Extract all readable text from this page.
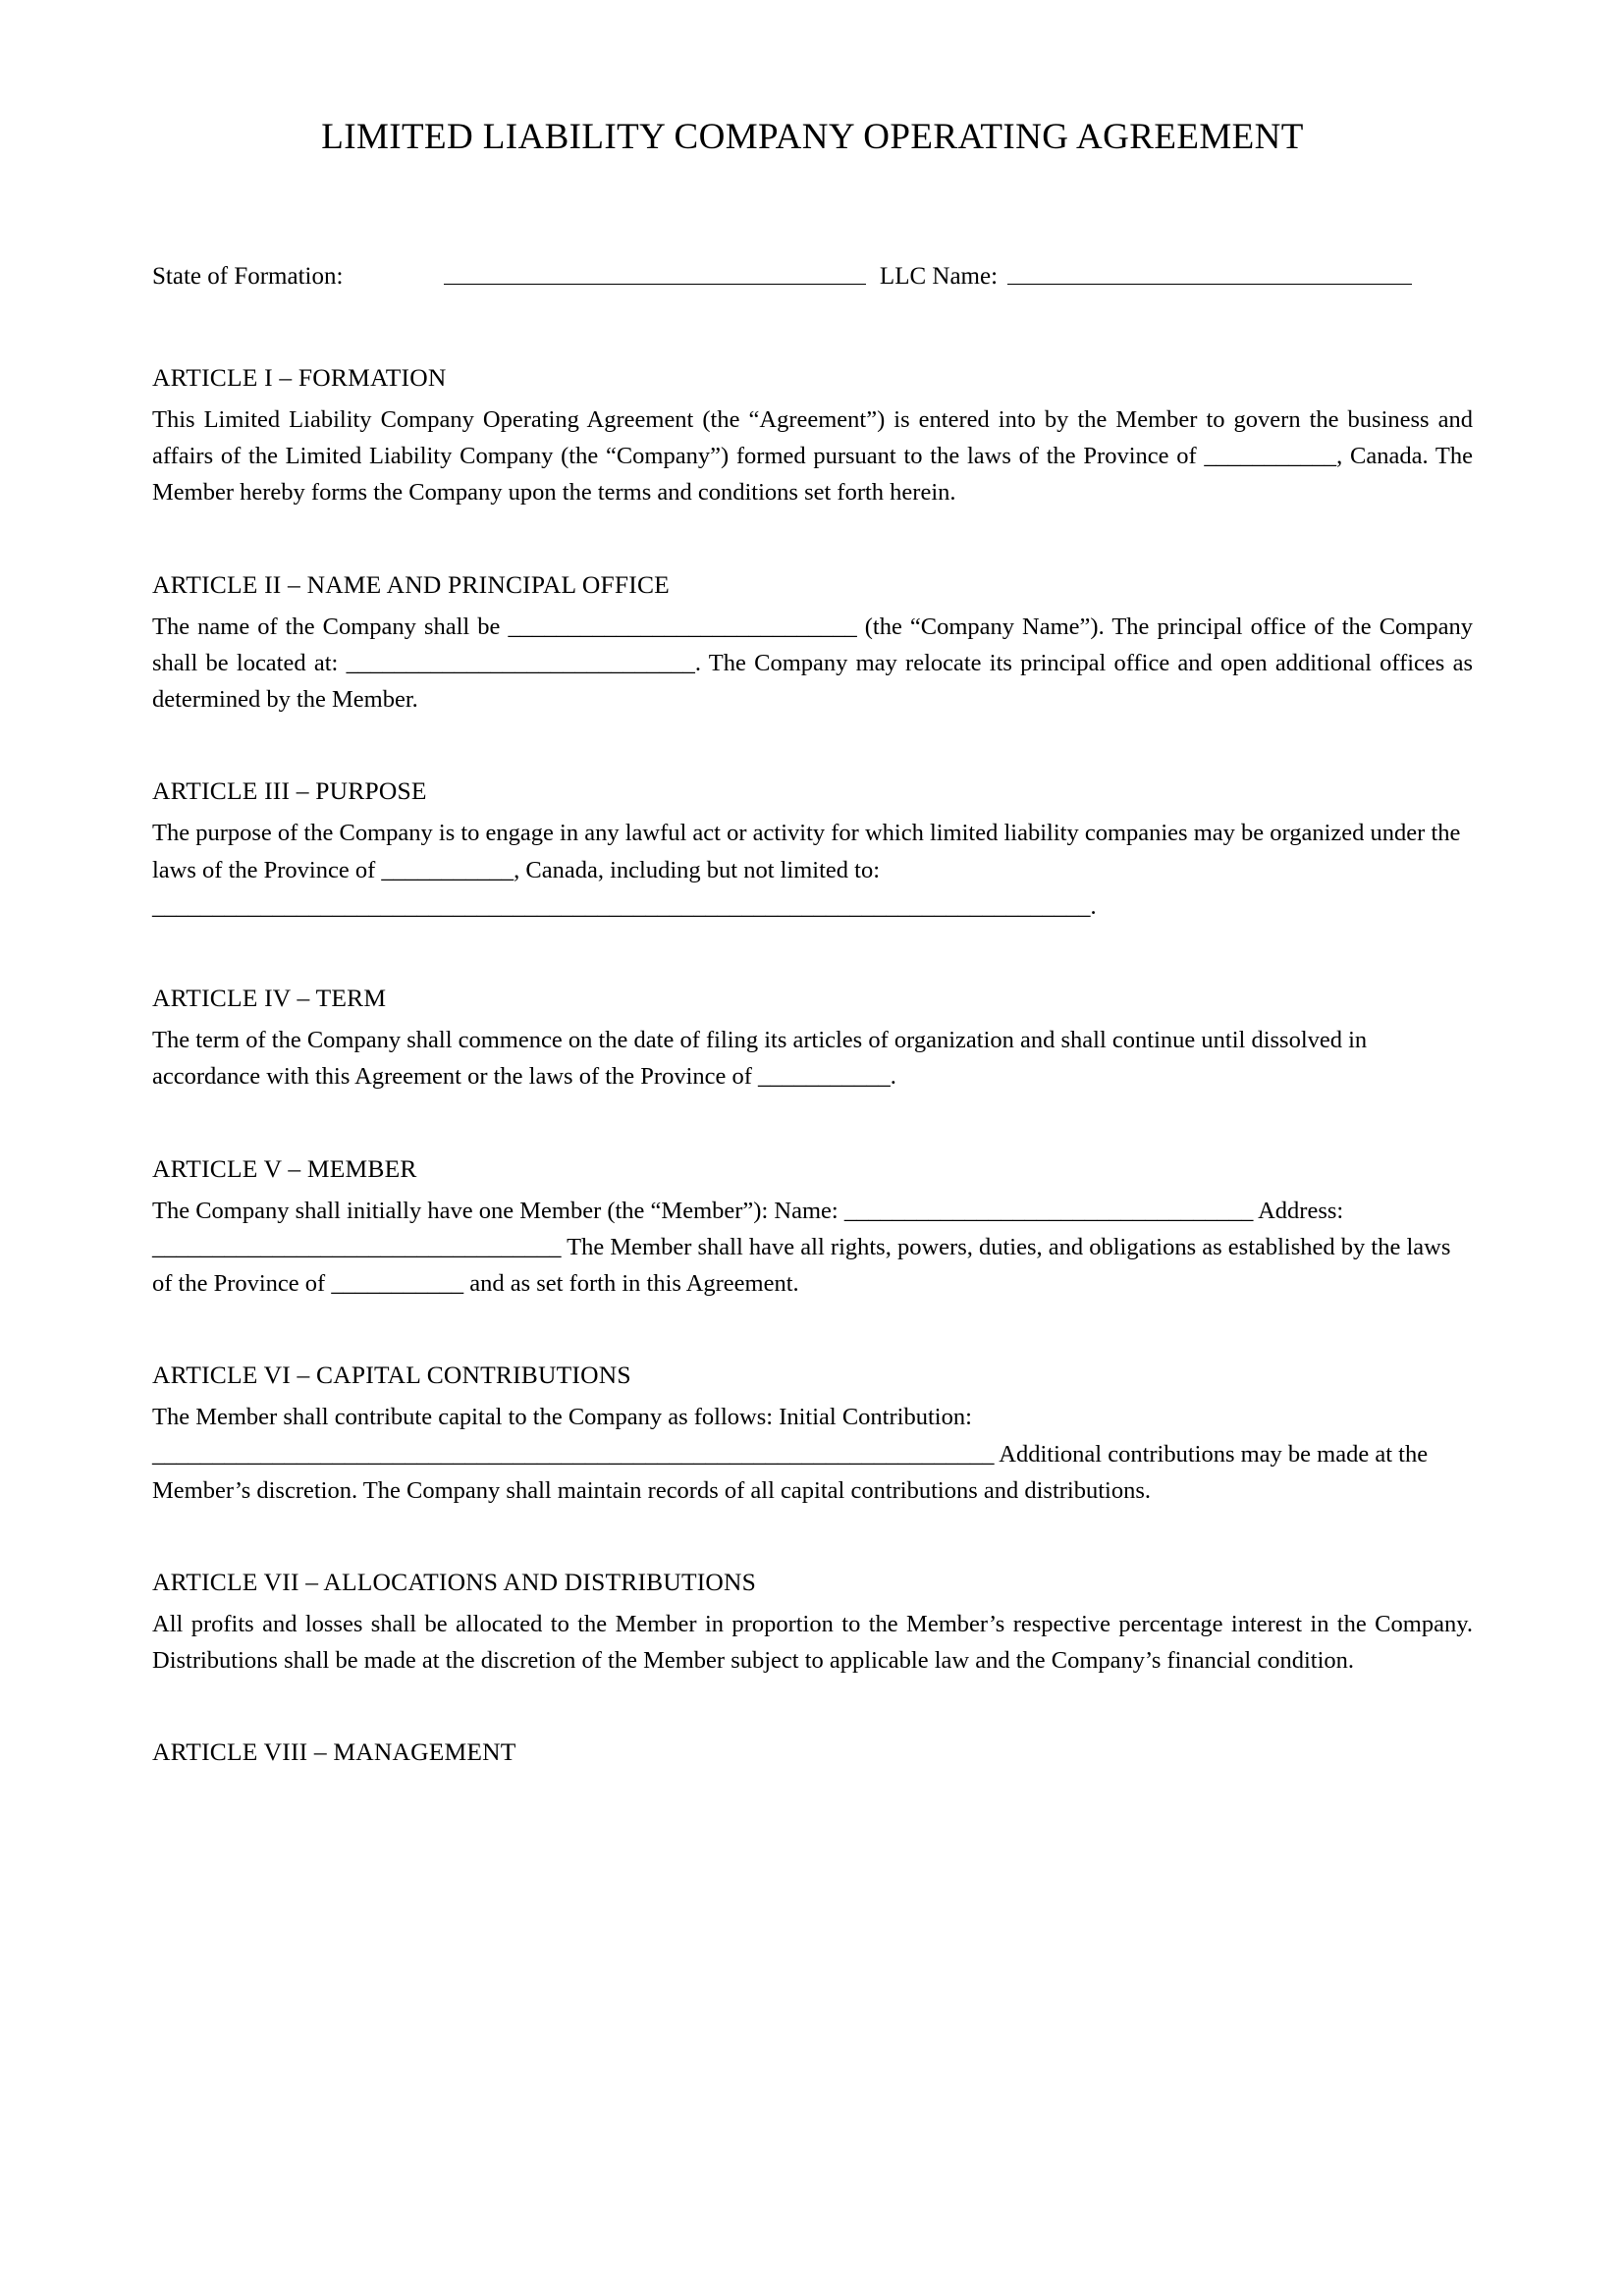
LIMITED LIABILITY COMPANY OPERATING AGREEMENT
State of Formation:	LLC Name:
ARTICLE I – FORMATION

This Limited Liability Company Operating Agreement (the “Agreement”) is entered into by the Member to govern the business and affairs of the Limited Liability Company (the “Company”) formed pursuant to the laws of the Province of ___________, Canada. The Member hereby forms the Company upon the terms and conditions set forth herein.

ARTICLE II – NAME AND PRINCIPAL OFFICE

The name of the Company shall be _____________________________ (the “Company Name”). The principal office of the Company shall be located at: _____________________________. The Company may relocate its principal office and open additional offices as determined by the Member.

ARTICLE III – PURPOSE

The purpose of the Company is to engage in any lawful act or activity for which limited liability companies may be organized under the laws of the Province of ___________, Canada, including but not limited to: ______________________________________________________________________________.

ARTICLE IV – TERM

The term of the Company shall commence on the date of filing its articles of organization and shall continue until dissolved in accordance with this Agreement or the laws of the Province of ___________.

ARTICLE V – MEMBER

The Company shall initially have one Member (the “Member”): Name: __________________________________ Address: __________________________________ The Member shall have all rights, powers, duties, and obligations as established by the laws of the Province of ___________ and as set forth in this Agreement.

ARTICLE VI – CAPITAL CONTRIBUTIONS

The Member shall contribute capital to the Company as follows: Initial Contribution: ______________________________________________________________________ Additional contributions may be made at the Member’s discretion. The Company shall maintain records of all capital contributions and distributions.

ARTICLE VII – ALLOCATIONS AND DISTRIBUTIONS

All profits and losses shall be allocated to the Member in proportion to the Member’s respective percentage interest in the Company. Distributions shall be made at the discretion of the Member subject to applicable law and the Company’s financial condition.

ARTICLE VIII – MANAGEMENT
